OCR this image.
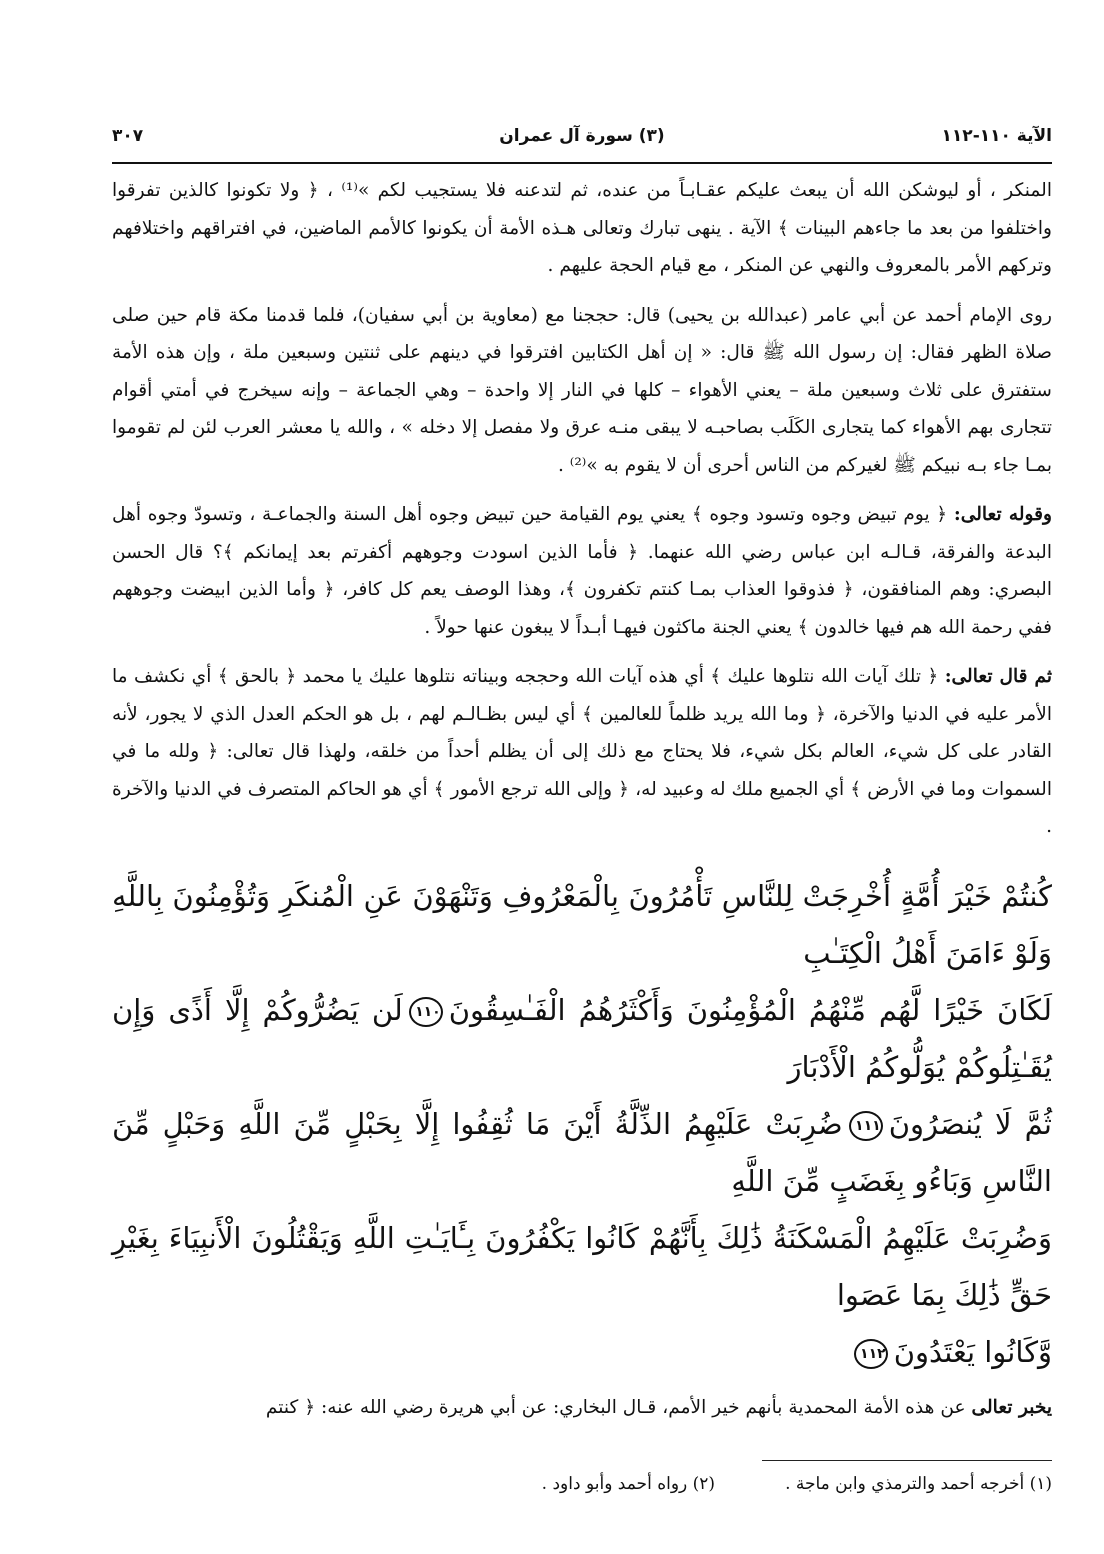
الآية ١١٠-١١٢
(٣) سورة آل عمران
٣٠٧

المنكر ، أو ليوشكن الله أن يبعث عليكم عقـابـاً من عنده، ثم لتدعنه فلا يستجيب لكم »⁽¹⁾ ، ﴿ ولا تكونوا كالذين تفرقوا واختلفوا من بعد ما جاءهم البينات ﴾ الآية . ينهى تبارك وتعالى هـذه الأمة أن يكونوا كالأمم الماضين، في افتراقهم واختلافهم وتركهم الأمر بالمعروف والنهي عن المنكر ، مع قيام الحجة عليهم .

روى الإمام أحمد عن أبي عامر (عبدالله بن يحيى) قال: حججنا مع (معاوية بن أبي سفيان)، فلما قدمنا مكة قام حين صلى صلاة الظهر فقال: إن رسول الله ﷺ قال: « إن أهل الكتابين افترقوا في دينهم على ثنتين وسبعين ملة ، وإن هذه الأمة ستفترق على ثلاث وسبعين ملة – يعني الأهواء – كلها في النار إلا واحدة – وهي الجماعة – وإنه سيخرج في أمتي أقوام تتجارى بهم الأهواء كما يتجارى الكَلَب بصاحبـه لا يبقى منـه عرق ولا مفصل إلا دخله » ، والله يا معشر العرب لئن لم تقوموا بمـا جاء بـه نبيكم ﷺ لغيركم من الناس أحرى أن لا يقوم به »⁽²⁾ .

وقوله تعالى: ﴿ يوم تبيض وجوه وتسود وجوه ﴾ يعني يوم القيامة حين تبيض وجوه أهل السنة والجماعـة ، وتسودّ وجوه أهل البدعة والفرقة، قـالـه ابن عباس رضي الله عنهما. ﴿ فأما الذين اسودت وجوههم أكفرتم بعد إيمانكم ﴾؟ قال الحسن البصري: وهم المنافقون، ﴿ فذوقوا العذاب بمـا كنتم تكفرون ﴾، وهذا الوصف يعم كل كافر، ﴿ وأما الذين ابيضت وجوههم ففي رحمة الله هم فيها خالدون ﴾ يعني الجنة ماكثون فيهـا أبـداً لا يبغون عنها حولاً .

ثم قال تعالى: ﴿ تلك آيات الله نتلوها عليك ﴾ أي هذه آيات الله وحججه وبيناته نتلوها عليك يا محمد ﴿ بالحق ﴾ أي نكشف ما الأمر عليه في الدنيا والآخرة، ﴿ وما الله يريد ظلماً للعالمين ﴾ أي ليس بظـالـم لهم ، بل هو الحكم العدل الذي لا يجور، لأنه القادر على كل شيء، العالم بكل شيء، فلا يحتاج مع ذلك إلى أن يظلم أحداً من خلقه، ولهذا قال تعالى: ﴿ ولله ما في السموات وما في الأرض ﴾ أي الجميع ملك له وعبيد له، ﴿ وإلى الله ترجع الأمور ﴾ أي هو الحاكم المتصرف في الدنيا والآخرة .

كُنتُمْ خَيْرَ أُمَّةٍ أُخْرِجَتْ لِلنَّاسِ تَأْمُرُونَ بِالْمَعْرُوفِ وَتَنْهَوْنَ عَنِ الْمُنكَرِ وَتُؤْمِنُونَ بِاللَّهِ وَلَوْ ءَامَنَ أَهْلُ الْكِتَـٰبِ
لَكَانَ خَيْرًا لَّهُم مِّنْهُمُ الْمُؤْمِنُونَ وَأَكْثَرُهُمُ الْفَـٰسِقُونَ١١٠لَن يَضُرُّوكُمْ إِلَّا أَذًى وَإِن يُقَـٰتِلُوكُمْ يُوَلُّوكُمُ الْأَدْبَارَ
ثُمَّ لَا يُنصَرُونَ١١١ضُرِبَتْ عَلَيْهِمُ الذِّلَّةُ أَيْنَ مَا ثُقِفُوا إِلَّا بِحَبْلٍ مِّنَ اللَّهِ وَحَبْلٍ مِّنَ النَّاسِ وَبَاءُو بِغَضَبٍ مِّنَ اللَّهِ
وَضُرِبَتْ عَلَيْهِمُ الْمَسْكَنَةُ ذَٰلِكَ بِأَنَّهُمْ كَانُوا يَكْفُرُونَ بِـَٔايَـٰتِ اللَّهِ وَيَقْتُلُونَ الْأَنبِيَاءَ بِغَيْرِ حَقٍّ ذَٰلِكَ بِمَا عَصَوا
وَّكَانُوا يَعْتَدُونَ١١٢

يخبر تعالى عن هذه الأمة المحمدية بأنهم خير الأمم، قـال البخاري: عن أبي هريرة رضي الله عنه: ﴿ كنتم

(١) أخرجه أحمد والترمذي وابن ماجة .
(٢) رواه أحمد وأبو داود .
